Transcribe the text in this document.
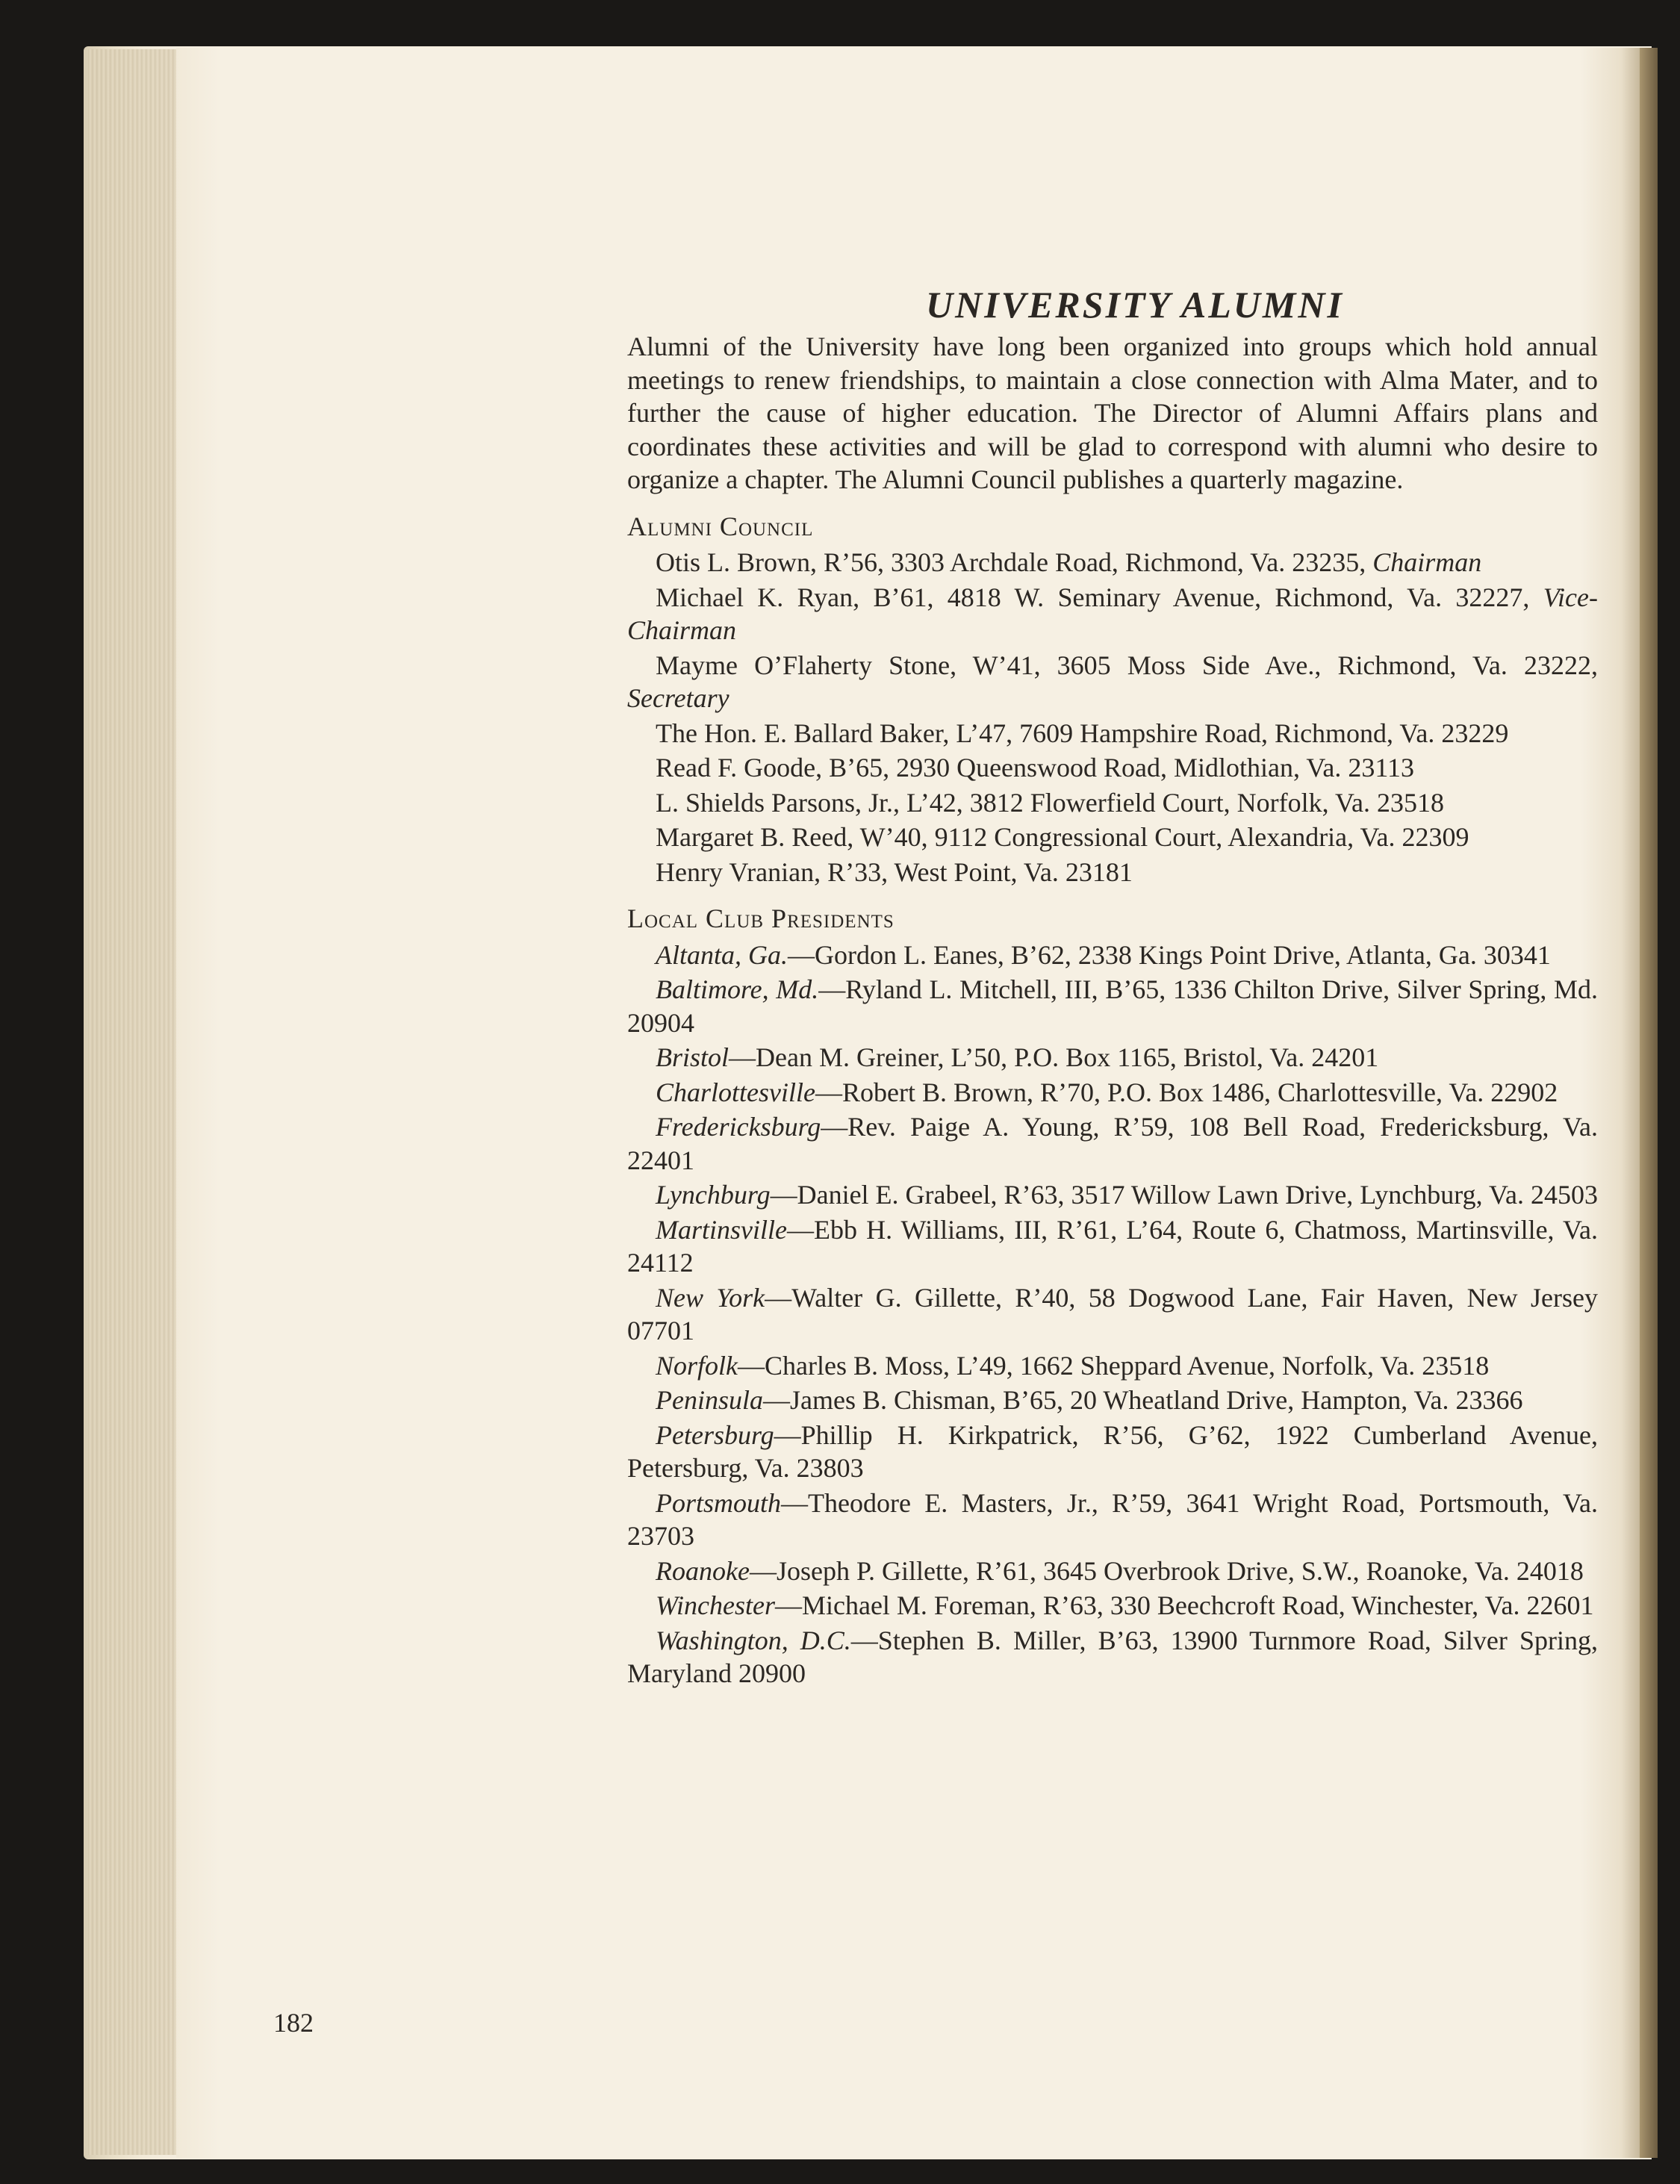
UNIVERSITY ALUMNI

Alumni of the University have long been organized into groups which hold annual meetings to renew friendships, to maintain a close connection with Alma Mater, and to further the cause of higher education. The Director of Alumni Affairs plans and coordinates these activities and will be glad to correspond with alumni who desire to organize a chapter. The Alumni Council publishes a quarterly magazine.

Alumni Council

Otis L. Brown, R’56, 3303 Archdale Road, Richmond, Va. 23235, Chairman

Michael K. Ryan, B’61, 4818 W. Seminary Avenue, Richmond, Va. 32227, Vice-Chairman

Mayme O’Flaherty Stone, W’41, 3605 Moss Side Ave., Richmond, Va. 23222, Secretary

The Hon. E. Ballard Baker, L’47, 7609 Hampshire Road, Richmond, Va. 23229

Read F. Goode, B’65, 2930 Queenswood Road, Midlothian, Va. 23113

L. Shields Parsons, Jr., L’42, 3812 Flowerfield Court, Norfolk, Va. 23518

Margaret B. Reed, W’40, 9112 Congressional Court, Alexandria, Va. 22309

Henry Vranian, R’33, West Point, Va. 23181

Local Club Presidents

Altanta, Ga.—Gordon L. Eanes, B’62, 2338 Kings Point Drive, Atlanta, Ga. 30341

Baltimore, Md.—Ryland L. Mitchell, III, B’65, 1336 Chilton Drive, Silver Spring, Md. 20904

Bristol—Dean M. Greiner, L’50, P.O. Box 1165, Bristol, Va. 24201

Charlottesville—Robert B. Brown, R’70, P.O. Box 1486, Charlottesville, Va. 22902

Fredericksburg—Rev. Paige A. Young, R’59, 108 Bell Road, Fredericksburg, Va. 22401

Lynchburg—Daniel E. Grabeel, R’63, 3517 Willow Lawn Drive, Lynchburg, Va. 24503

Martinsville—Ebb H. Williams, III, R’61, L’64, Route 6, Chatmoss, Martinsville, Va. 24112

New York—Walter G. Gillette, R’40, 58 Dogwood Lane, Fair Haven, New Jersey 07701

Norfolk—Charles B. Moss, L’49, 1662 Sheppard Avenue, Norfolk, Va. 23518

Peninsula—James B. Chisman, B’65, 20 Wheatland Drive, Hampton, Va. 23366

Petersburg—Phillip H. Kirkpatrick, R’56, G’62, 1922 Cumberland Avenue, Petersburg, Va. 23803

Portsmouth—Theodore E. Masters, Jr., R’59, 3641 Wright Road, Portsmouth, Va. 23703

Roanoke—Joseph P. Gillette, R’61, 3645 Overbrook Drive, S.W., Roanoke, Va. 24018

Winchester—Michael M. Foreman, R’63, 330 Beechcroft Road, Winchester, Va. 22601

Washington, D.C.—Stephen B. Miller, B’63, 13900 Turnmore Road, Silver Spring, Maryland 20900

182
